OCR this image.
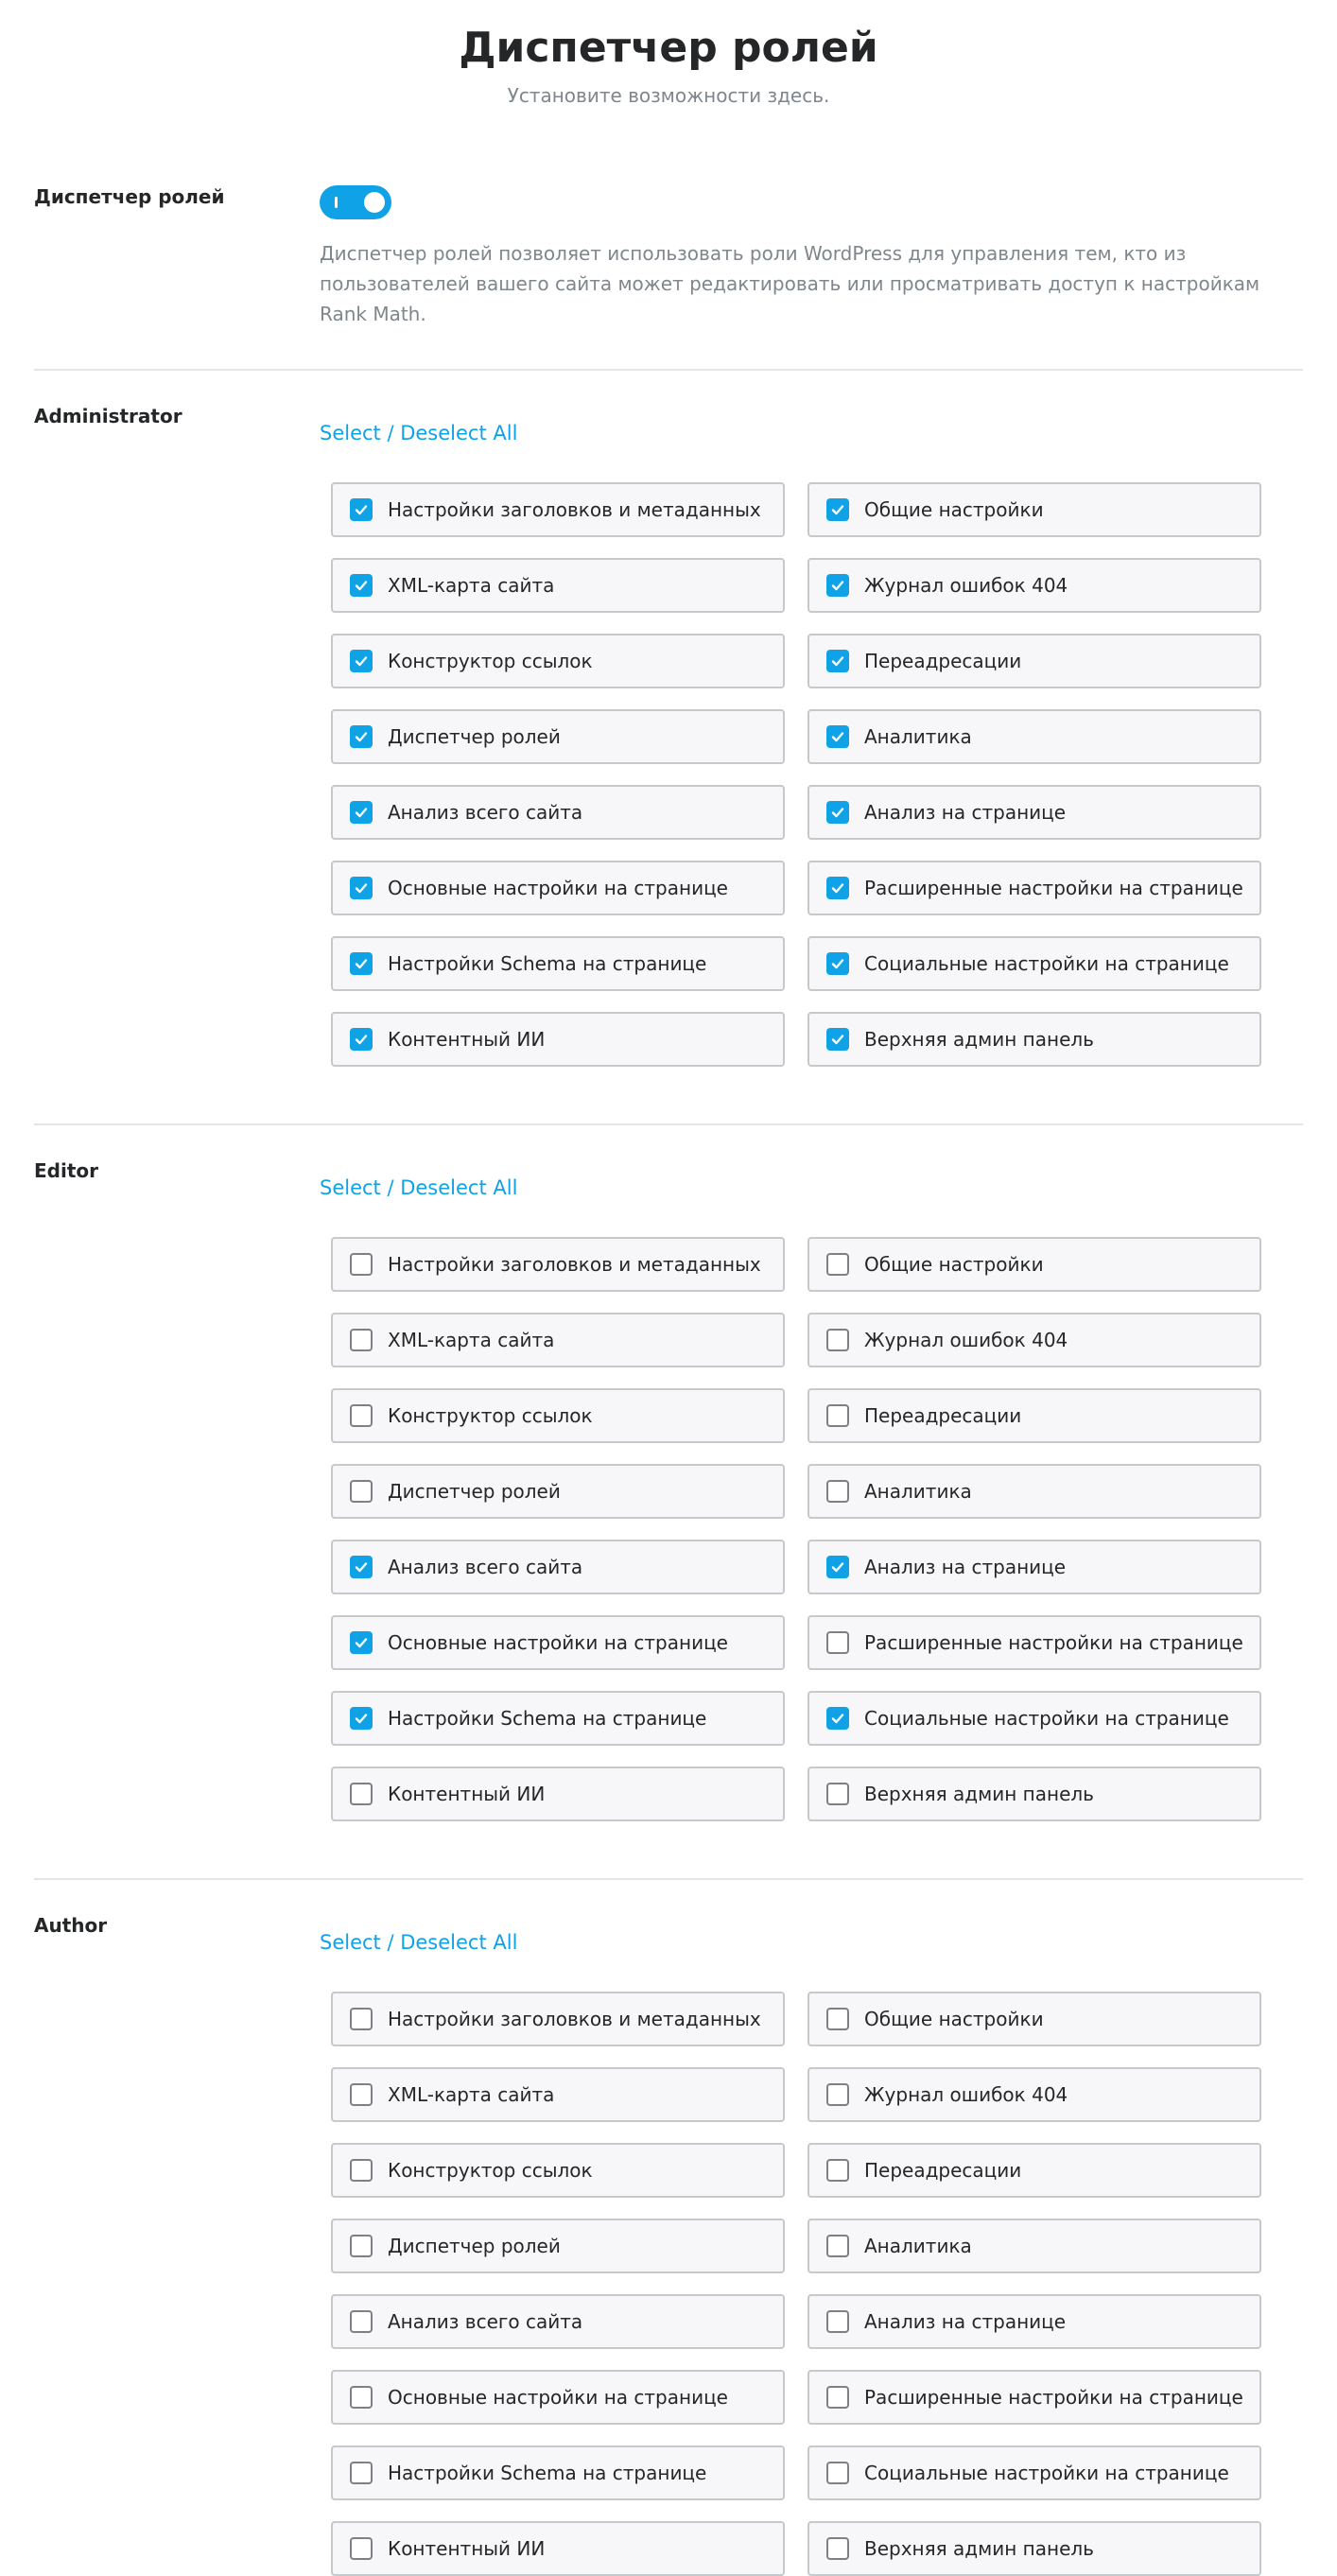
Диспетчер ролей
Установите возможности здесь.
Диспетчер ролей
Диспетчер ролей позволяет использовать роли WordPress для управления тем, кто из пользователей вашего сайта может редактировать или просматривать доступ к настройкам Rank Math.
Administrator
Select / Deselect All
Настройки заголовков и метаданных	Общие настройки
XML-карта сайта	Журнал ошибок 404
Конструктор ссылок	Переадресации
Диспетчер ролей	Аналитика
Анализ всего сайта	Анализ на странице
Основные настройки на странице	Расширенные настройки на странице
Настройки Schema на странице	Социальные настройки на странице
Контентный ИИ	Верхняя админ панель
Editor
Select / Deselect All
Настройки заголовков и метаданных	Общие настройки
XML-карта сайта	Журнал ошибок 404
Конструктор ссылок	Переадресации
Диспетчер ролей	Аналитика
Анализ всего сайта	Анализ на странице
Основные настройки на странице	Расширенные настройки на странице
Настройки Schema на странице	Социальные настройки на странице
Контентный ИИ	Верхняя админ панель
Author
Select / Deselect All
Настройки заголовков и метаданных	Общие настройки
XML-карта сайта	Журнал ошибок 404
Конструктор ссылок	Переадресации
Диспетчер ролей	Аналитика
Анализ всего сайта	Анализ на странице
Основные настройки на странице	Расширенные настройки на странице
Настройки Schema на странице	Социальные настройки на странице
Контентный ИИ	Верхняя админ панель
